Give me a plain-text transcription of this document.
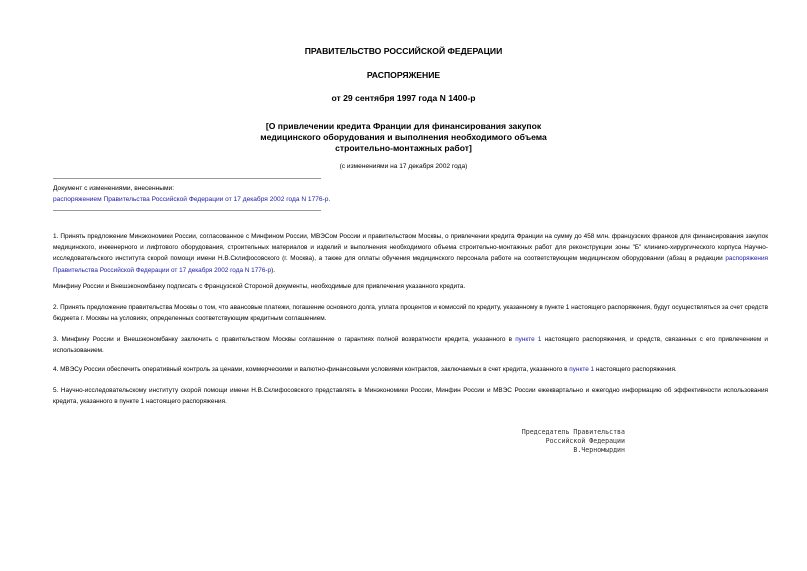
ПРАВИТЕЛЬСТВО РОССИЙСКОЙ ФЕДЕРАЦИИ
РАСПОРЯЖЕНИЕ
от 29 сентября 1997 года N 1400-р
[О привлечении кредита Франции для финансирования закупок медицинского оборудования и выполнения необходимого объема строительно-монтажных работ]
(с изменениями на 17 декабря 2002 года)
Документ с изменениями, внесенными:
распоряжением Правительства Российской Федерации от 17 декабря 2002 года N 1776-р.
1. Принять предложение Минэкономики России, согласованное с Минфином России, МВЭСом России и правительством Москвы, о привлечении кредита Франции на сумму до 458 млн. французских франков для финансирования закупок медицинского, инженерного и лифтового оборудования, строительных материалов и изделий и выполнения необходимого объема строительно-монтажных работ для реконструкции зоны "Б" клинико-хирургического корпуса Научно-исследовательского института скорой помощи имени Н.В.Склифосовского (г. Москва), а также для оплаты обучения медицинского персонала работе на соответствующем медицинском оборудовании (абзац в редакции распоряжения Правительства Российской Федерации от 17 декабря 2002 года N 1776-р).
Минфину России и Внешэкономбанку подписать с Французской Стороной документы, необходимые для привлечения указанного кредита.
2. Принять предложение правительства Москвы о том, что авансовые платежи, погашение основного долга, уплата процентов и комиссий по кредиту, указанному в пункте 1 настоящего распоряжения, будут осуществляться за счет средств бюджета г. Москвы на условиях, определенных соответствующим кредитным соглашением.
3. Минфину России и Внешэкономбанку заключить с правительством Москвы соглашение о гарантиях полной возвратности кредита, указанного в пункте 1 настоящего распоряжения, и средств, связанных с его привлечением и использованием.
4. МВЭСу России обеспечить оперативный контроль за ценами, коммерческими и валютно-финансовыми условиями контрактов, заключаемых в счет кредита, указанного в пункте 1 настоящего распоряжения.
5. Научно-исследовательскому институту скорой помощи имени Н.В.Склифосовского представлять в Минэкономики России, Минфин России и МВЭС России ежеквартально и ежегодно информацию об эффективности использования кредита, указанного в пункте 1 настоящего распоряжения.
Председатель Правительства
Российской Федерации
В.Черномырдин
